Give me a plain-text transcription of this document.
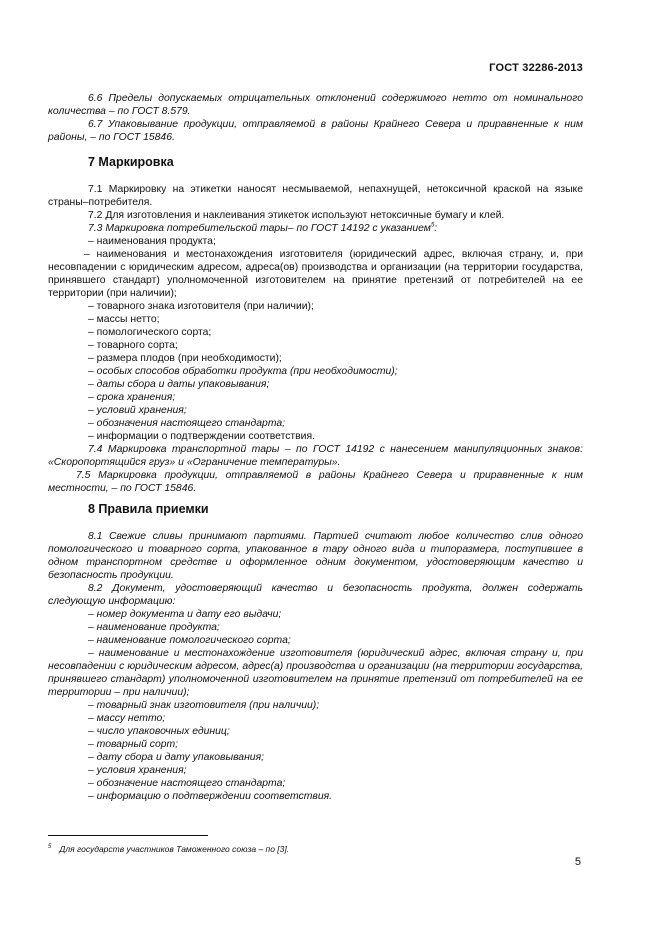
ГОСТ 32286-2013

6.6 Пределы допускаемых отрицательных отклонений содержимого нетто от номинального количества – по ГОСТ 8.579.

6.7 Упаковывание продукции, отправляемой в районы Крайнего Севера и приравненные к ним районы, – по ГОСТ 15846.

7 Маркировка

7.1 Маркировку на этикетки наносят несмываемой, непахнущей, нетоксичной краской на языке страны–потребителя.

7.2 Для изготовления и наклеивания этикеток используют нетоксичные бумагу и клей.

7.3 Маркировка потребительской тары– по ГОСТ 14192 с указанием$^5$:

– наименования продукта;

– наименования и местонахождения изготовителя (юридический адрес, включая страну, и, при несовпадении с юридическим адресом, адреса(ов) производства и организации (на территории государства, принявшего стандарт) уполномоченной изготовителем на принятие претензий от потребителей на ее территории (при наличии);

– товарного знака изготовителя (при наличии);

– массы нетто;

– помологического сорта;

– товарного сорта;

– размера плодов (при необходимости);

– особых способов обработки продукта (при необходимости);

– даты сбора и даты упаковывания;

– срока хранения;

– условий хранения;

– обозначения настоящего стандарта;

– информации о подтверждении соответствия.

7.4 Маркировка транспортной тары – по ГОСТ 14192 с нанесением манипуляционных знаков: «Скоропортящийся груз» и «Ограничение температуры».

7.5 Маркировка продукции, отправляемой в районы Крайнего Севера и приравненные к ним местности, – по ГОСТ 15846.

8 Правила приемки

8.1 Свежие сливы принимают партиями. Партией считают любое количество слив одного помологического и товарного сорта, упакованное в тару одного вида и типоразмера, поступившее в одном транспортном средстве и оформленное одним документом, удостоверяющим качество и безопасность продукции.

8.2 Документ, удостоверяющий качество и безопасность продукта, должен содержать следующую информацию:

– номер документа и дату его выдачи;

– наименование продукта;

– наименование помологического сорта;

– наименование и местонахождение изготовителя (юридический адрес, включая страну и, при несовпадении с юридическим адресом, адрес(а) производства и организации (на территории государства, принявшего стандарт) уполномоченной изготовителем на принятие претензий от потребителей на ее территории – при наличии);

– товарный знак изготовителя (при наличии);

– массу нетто;

– число упаковочных единиц;

– товарный сорт;

– дату сбора и дату упаковывания;

– условия хранения;

– обозначение настоящего стандарта;

– информацию о подтверждении соответствия.

$^5$ Для государств участников Таможенного союза – по [3].
5
